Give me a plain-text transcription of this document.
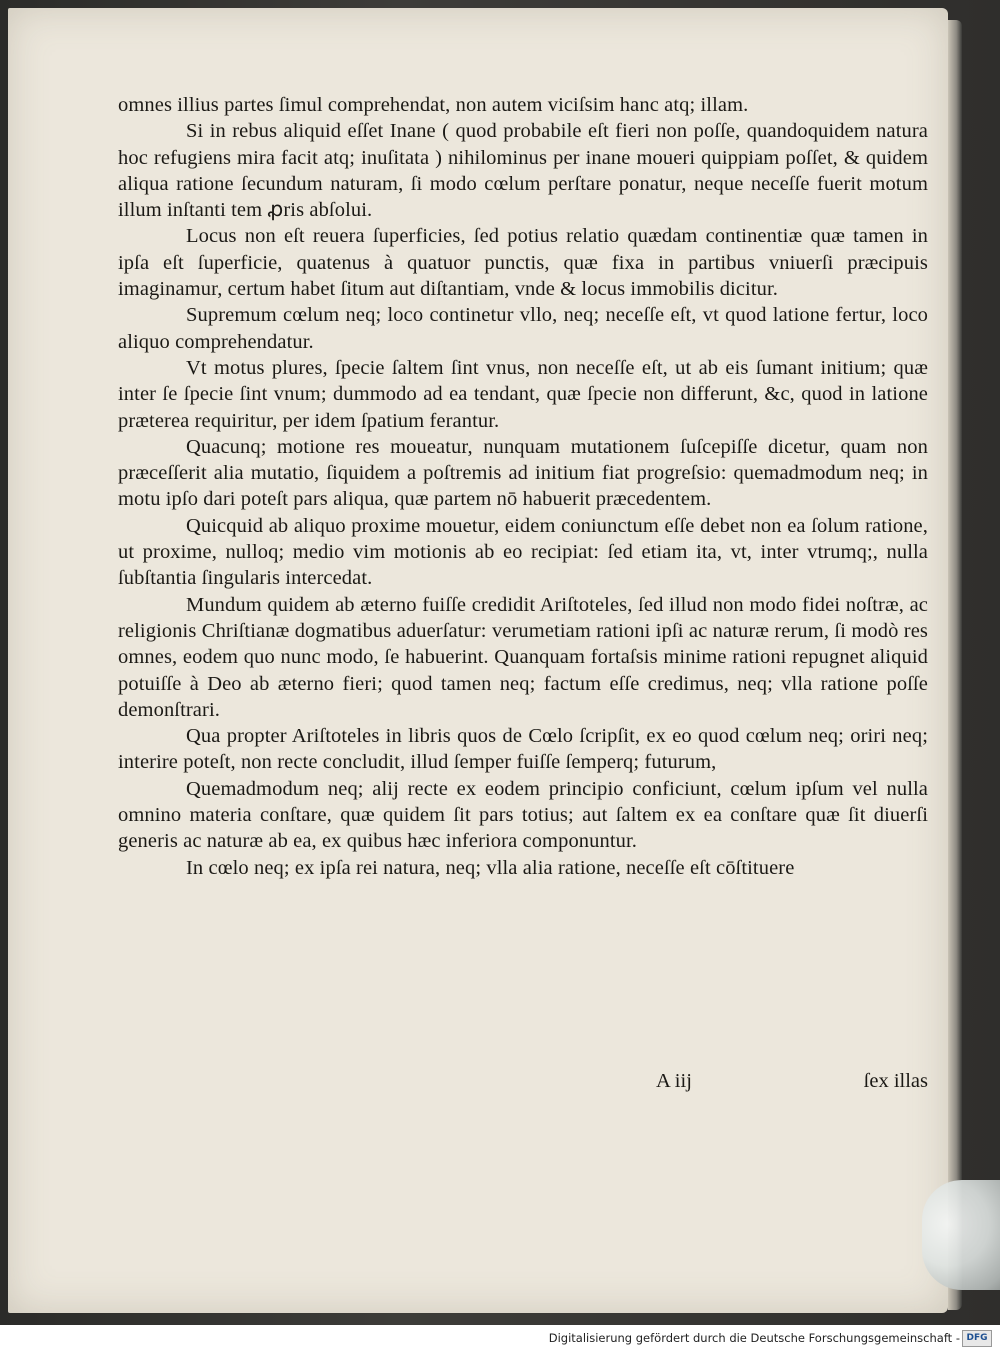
omnes illius partes ſimul comprehendat, non autem viciſsim hanc atq; illam.

Si in rebus aliquid eſſet Inane ( quod probabile eſt fieri non poſſe, quandoquidem natura hoc refugiens mira facit atq; inuſitata ) nihilominus per inane moueri quippiam poſſet, & quidem aliqua ratione ſecundum naturam, ſi modo cœlum perſtare ponatur, neque neceſſe fuerit motum illum inſtanti tem ꝓris abſolui.

Locus non eſt reuera ſuperficies, ſed potius relatio quædam continentiæ quæ tamen in ipſa eſt ſuperficie, quatenus à quatuor punctis, quæ fixa in partibus vniuerſi præcipuis imaginamur, certum habet ſitum aut diſtantiam, vnde & locus immobilis dicitur.

Supremum cœlum neq; loco continetur vllo, neq; neceſſe eſt, vt quod latione fertur, loco aliquo comprehendatur.

Vt motus plures, ſpecie ſaltem ſint vnus, non neceſſe eſt, ut ab eis ſumant initium; quæ inter ſe ſpecie ſint vnum; dummodo ad ea tendant, quæ ſpecie non differunt, &c, quod in latione præterea requiritur, per idem ſpatium ferantur.

Quacunq; motione res moueatur, nunquam mutationem ſuſcepiſſe dicetur, quam non præceſſerit alia mutatio, ſiquidem a poſtremis ad initium fiat progreſsio: quemadmodum neq; in motu ipſo dari poteſt pars aliqua, quæ partem nō habuerit præcedentem.

Quicquid ab aliquo proxime mouetur, eidem coniunctum eſſe debet non ea ſolum ratione, ut proxime, nulloq; medio vim motionis ab eo recipiat: ſed etiam ita, vt, inter vtrumq;, nulla ſubſtantia ſingularis intercedat.

Mundum quidem ab æterno fuiſſe credidit Ariſtoteles, ſed illud non modo fidei noſtræ, ac religionis Chriſtianæ dogmatibus aduerſatur: verumetiam rationi ipſi ac naturæ rerum, ſi modò res omnes, eodem quo nunc modo, ſe habuerint. Quanquam fortaſsis minime rationi repugnet aliquid potuiſſe à Deo ab æterno fieri; quod tamen neq; factum eſſe credimus, neq; vlla ratione poſſe demonſtrari.

Qua propter Ariſtoteles in libris quos de Cœlo ſcripſit, ex eo quod cœlum neq; oriri neq; interire poteſt, non recte concludit, illud ſemper fuiſſe ſemperq; futurum,

Quemadmodum neq; alij recte ex eodem principio conficiunt, cœlum ipſum vel nulla omnino materia conſtare, quæ quidem ſit pars totius; aut ſaltem ex ea conſtare quæ ſit diuerſi generis ac naturæ ab ea, ex quibus hæc inferiora componuntur.

In cœlo neq; ex ipſa rei natura, neq; vlla alia ratione, neceſſe eſt cōſtituere

A iij	ſex illas
Digitalisierung gefördert durch die Deutsche Forschungsgemeinschaft - DFG
